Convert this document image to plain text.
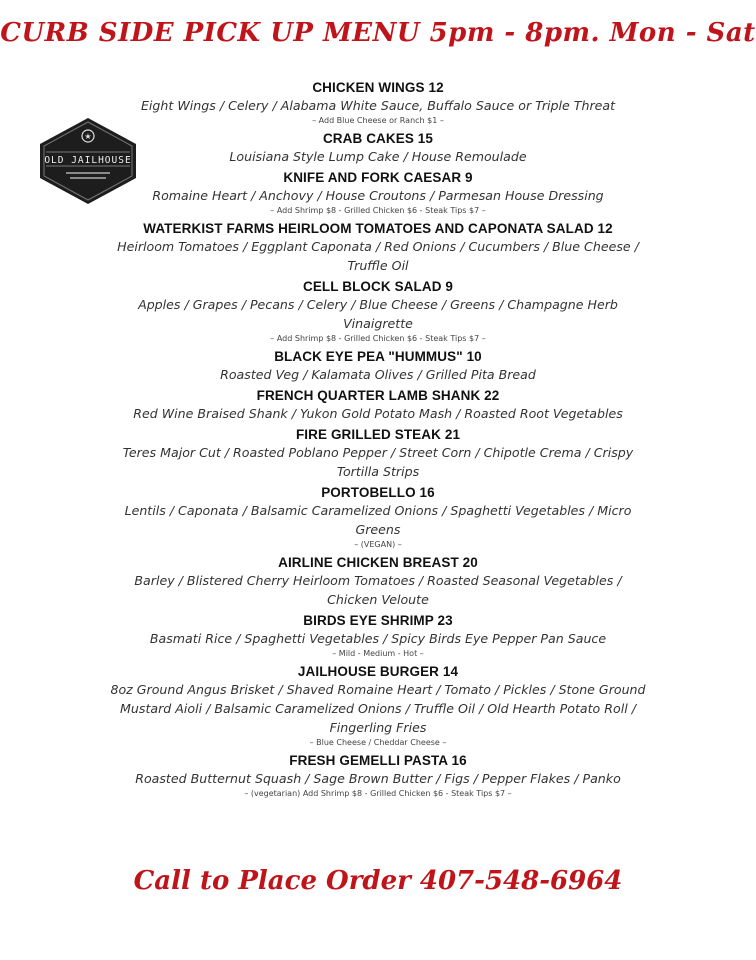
CURB SIDE PICK UP MENU 5pm - 8pm. Mon - Sat
★
OLD JAILHOUSE
CHICKEN WINGS 12
Eight Wings / Celery / Alabama White Sauce, Buffalo Sauce or Triple Threat
– Add Blue Cheese or Ranch $1 –
CRAB CAKES 15
Louisiana Style Lump Cake / House Remoulade
KNIFE AND FORK CAESAR 9
Romaine Heart / Anchovy / House Croutons / Parmesan House Dressing
– Add Shrimp $8 - Grilled Chicken $6 - Steak Tips $7 –
WATERKIST FARMS HEIRLOOM TOMATOES AND CAPONATA SALAD 12
Heirloom Tomatoes / Eggplant Caponata / Red Onions / Cucumbers / Blue Cheese / Truffle Oil
CELL BLOCK SALAD 9
Apples / Grapes / Pecans / Celery / Blue Cheese / Greens / Champagne Herb Vinaigrette
– Add Shrimp $8 - Grilled Chicken $6 - Steak Tips $7 –
BLACK EYE PEA "HUMMUS" 10
Roasted Veg / Kalamata Olives / Grilled Pita Bread
FRENCH QUARTER LAMB SHANK 22
Red Wine Braised Shank / Yukon Gold Potato Mash / Roasted Root Vegetables
FIRE GRILLED STEAK 21
Teres Major Cut / Roasted Poblano Pepper / Street Corn / Chipotle Crema / Crispy Tortilla Strips
PORTOBELLO 16
Lentils / Caponata / Balsamic Caramelized Onions / Spaghetti Vegetables / Micro Greens
– (VEGAN) –
AIRLINE CHICKEN BREAST 20
Barley / Blistered Cherry Heirloom Tomatoes / Roasted Seasonal Vegetables / Chicken Veloute
BIRDS EYE SHRIMP 23
Basmati Rice / Spaghetti Vegetables / Spicy Birds Eye Pepper Pan Sauce
– Mild - Medium - Hot –
JAILHOUSE BURGER 14
8oz Ground Angus Brisket / Shaved Romaine Heart / Tomato / Pickles / Stone Ground Mustard Aioli / Balsamic Caramelized Onions / Truffle Oil / Old Hearth Potato Roll / Fingerling Fries
– Blue Cheese / Cheddar Cheese –
FRESH GEMELLI PASTA 16
Roasted Butternut Squash / Sage Brown Butter / Figs / Pepper Flakes / Panko
– (vegetarian) Add Shrimp $8 - Grilled Chicken $6 - Steak Tips $7 –
Call to Place Order 407-548-6964
